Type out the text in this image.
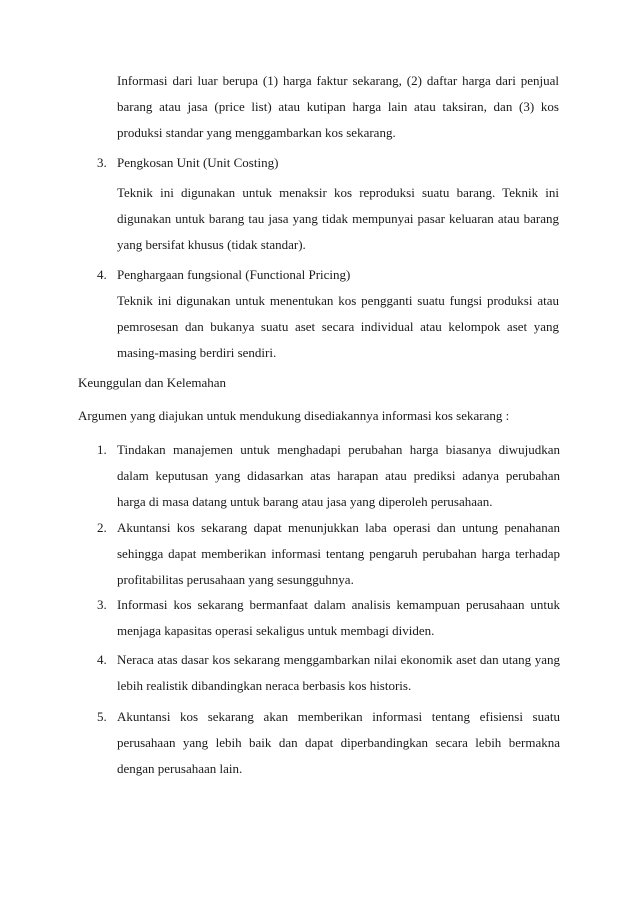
Informasi dari luar berupa (1) harga faktur sekarang, (2) daftar harga dari penjual barang atau jasa (price list) atau kutipan harga lain atau taksiran, dan (3) kos produksi standar yang menggambarkan kos sekarang.

3. Pengkosan Unit (Unit Costing)

Teknik ini digunakan untuk menaksir kos reproduksi suatu barang. Teknik ini digunakan untuk barang tau jasa yang tidak mempunyai pasar keluaran atau barang yang bersifat khusus (tidak standar).

4. Penghargaan fungsional (Functional Pricing)

Teknik ini digunakan untuk menentukan kos pengganti suatu fungsi produksi atau pemrosesan dan bukanya suatu aset secara individual atau kelompok aset yang masing-masing berdiri sendiri.

Keunggulan dan Kelemahan

Argumen yang diajukan untuk mendukung disediakannya informasi kos sekarang :

1. Tindakan manajemen untuk menghadapi perubahan harga biasanya diwujudkan dalam keputusan yang didasarkan atas harapan atau prediksi adanya perubahan harga di masa datang untuk barang atau jasa yang diperoleh perusahaan.

2. Akuntansi kos sekarang dapat menunjukkan laba operasi dan untung penahanan sehingga dapat memberikan informasi tentang pengaruh perubahan harga terhadap profitabilitas perusahaan yang sesungguhnya.

3. Informasi kos sekarang bermanfaat dalam analisis kemampuan perusahaan untuk menjaga kapasitas operasi sekaligus untuk membagi dividen.

4. Neraca atas dasar kos sekarang menggambarkan nilai ekonomik aset dan utang yang lebih realistik dibandingkan neraca berbasis kos historis.

5. Akuntansi kos sekarang akan memberikan informasi tentang efisiensi suatu perusahaan yang lebih baik dan dapat diperbandingkan secara lebih bermakna dengan perusahaan lain.
